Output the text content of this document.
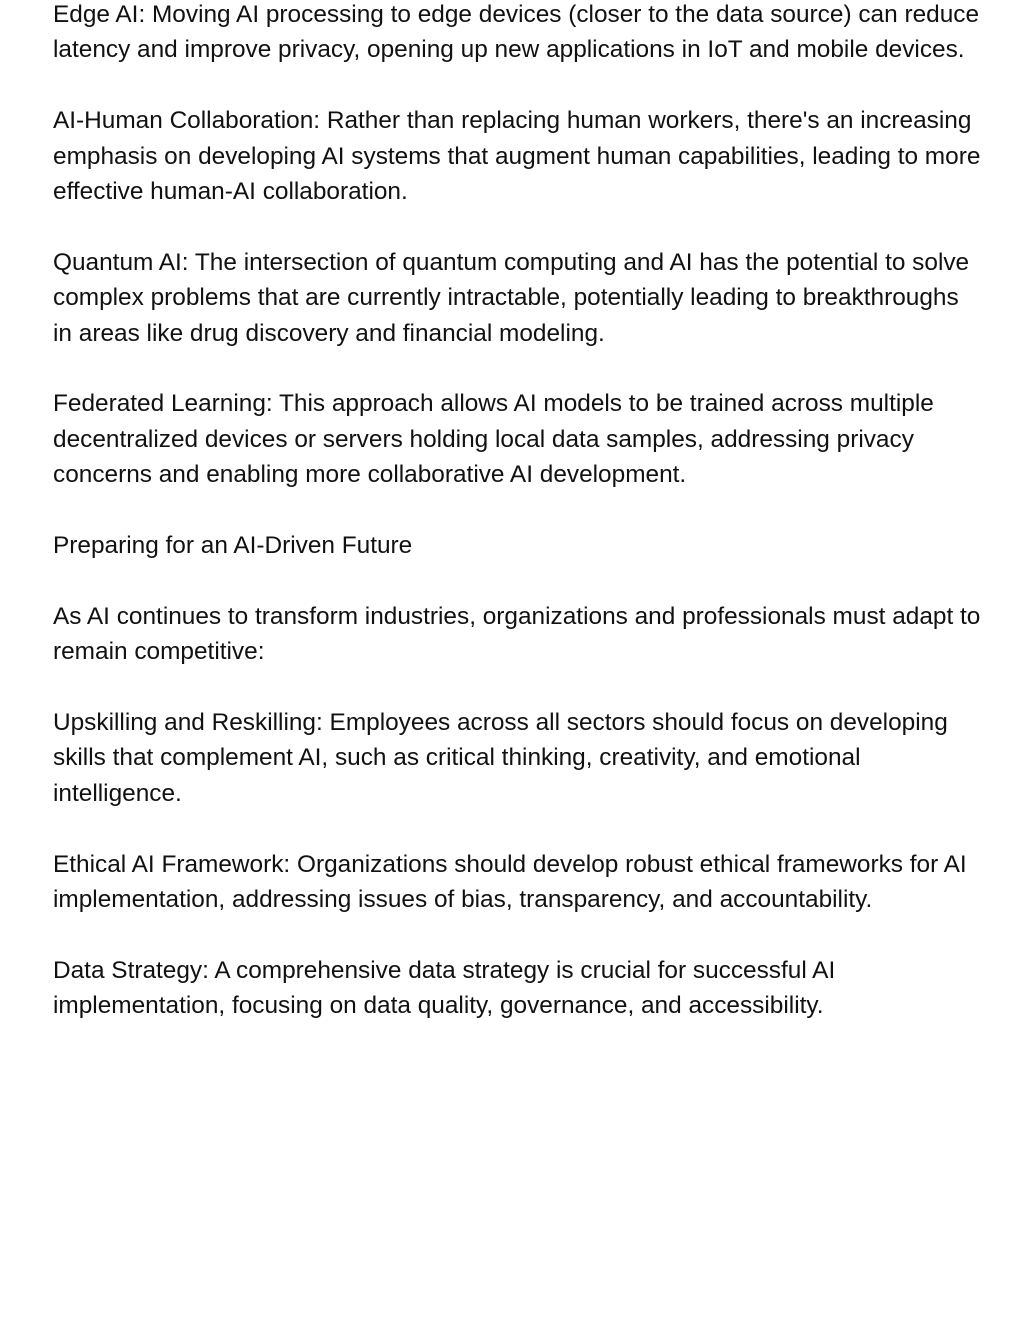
Edge AI: Moving AI processing to edge devices (closer to the data source) can reduce latency and improve privacy, opening up new applications in IoT and mobile devices.

AI-Human Collaboration: Rather than replacing human workers, there's an increasing emphasis on developing AI systems that augment human capabilities, leading to more effective human-AI collaboration.

Quantum AI: The intersection of quantum computing and AI has the potential to solve complex problems that are currently intractable, potentially leading to breakthroughs in areas like drug discovery and financial modeling.

Federated Learning: This approach allows AI models to be trained across multiple decentralized devices or servers holding local data samples, addressing privacy concerns and enabling more collaborative AI development.

Preparing for an AI-Driven Future

As AI continues to transform industries, organizations and professionals must adapt to remain competitive:

Upskilling and Reskilling: Employees across all sectors should focus on developing skills that complement AI, such as critical thinking, creativity, and emotional intelligence.

Ethical AI Framework: Organizations should develop robust ethical frameworks for AI implementation, addressing issues of bias, transparency, and accountability.

Data Strategy: A comprehensive data strategy is crucial for successful AI implementation, focusing on data quality, governance, and accessibility.
